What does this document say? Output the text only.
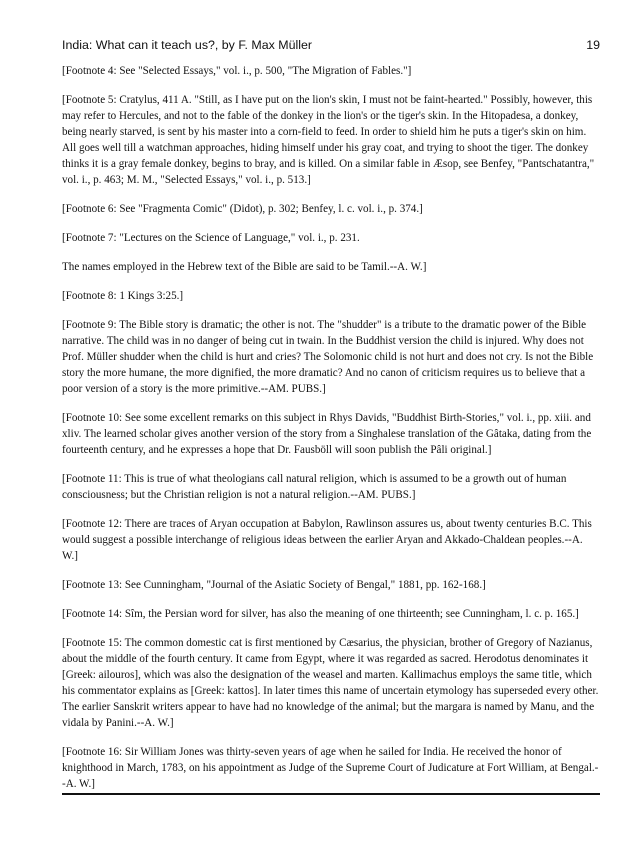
India: What can it teach us?, by F. Max Müller	19

[Footnote 4: See "Selected Essays," vol. i., p. 500, "The Migration of Fables."]

[Footnote 5: Cratylus, 411 A. "Still, as I have put on the lion's skin, I must not be faint-hearted." Possibly, however, this may refer to Hercules, and not to the fable of the donkey in the lion's or the tiger's skin. In the Hitopadesa, a donkey, being nearly starved, is sent by his master into a corn-field to feed. In order to shield him he puts a tiger's skin on him. All goes well till a watchman approaches, hiding himself under his gray coat, and trying to shoot the tiger. The donkey thinks it is a gray female donkey, begins to bray, and is killed. On a similar fable in Æsop, see Benfey, "Pantschatantra," vol. i., p. 463; M. M., "Selected Essays," vol. i., p. 513.]

[Footnote 6: See "Fragmenta Comic" (Didot), p. 302; Benfey, l. c. vol. i., p. 374.]

[Footnote 7: "Lectures on the Science of Language," vol. i., p. 231.

The names employed in the Hebrew text of the Bible are said to be Tamil.--A. W.]

[Footnote 8: 1 Kings 3:25.]

[Footnote 9: The Bible story is dramatic; the other is not. The "shudder" is a tribute to the dramatic power of the Bible narrative. The child was in no danger of being cut in twain. In the Buddhist version the child is injured. Why does not Prof. Müller shudder when the child is hurt and cries? The Solomonic child is not hurt and does not cry. Is not the Bible story the more humane, the more dignified, the more dramatic? And no canon of criticism requires us to believe that a poor version of a story is the more primitive.--AM. PUBS.]

[Footnote 10: See some excellent remarks on this subject in Rhys Davids, "Buddhist Birth-Stories," vol. i., pp. xiii. and xliv. The learned scholar gives another version of the story from a Singhalese translation of the Gâtaka, dating from the fourteenth century, and he expresses a hope that Dr. Fausböll will soon publish the Pâli original.]

[Footnote 11: This is true of what theologians call natural religion, which is assumed to be a growth out of human consciousness; but the Christian religion is not a natural religion.--AM. PUBS.]

[Footnote 12: There are traces of Aryan occupation at Babylon, Rawlinson assures us, about twenty centuries B.C. This would suggest a possible interchange of religious ideas between the earlier Aryan and Akkado-Chaldean peoples.--A. W.]

[Footnote 13: See Cunningham, "Journal of the Asiatic Society of Bengal," 1881, pp. 162-168.]

[Footnote 14: Sîm, the Persian word for silver, has also the meaning of one thirteenth; see Cunningham, l. c. p. 165.]

[Footnote 15: The common domestic cat is first mentioned by Cæsarius, the physician, brother of Gregory of Nazianus, about the middle of the fourth century. It came from Egypt, where it was regarded as sacred. Herodotus denominates it [Greek: ailouros], which was also the designation of the weasel and marten. Kallimachus employs the same title, which his commentator explains as [Greek: kattos]. In later times this name of uncertain etymology has superseded every other. The earlier Sanskrit writers appear to have had no knowledge of the animal; but the margara is named by Manu, and the vidala by Panini.--A. W.]

[Footnote 16: Sir William Jones was thirty-seven years of age when he sailed for India. He received the honor of knighthood in March, 1783, on his appointment as Judge of the Supreme Court of Judicature at Fort William, at Bengal.--A. W.]
